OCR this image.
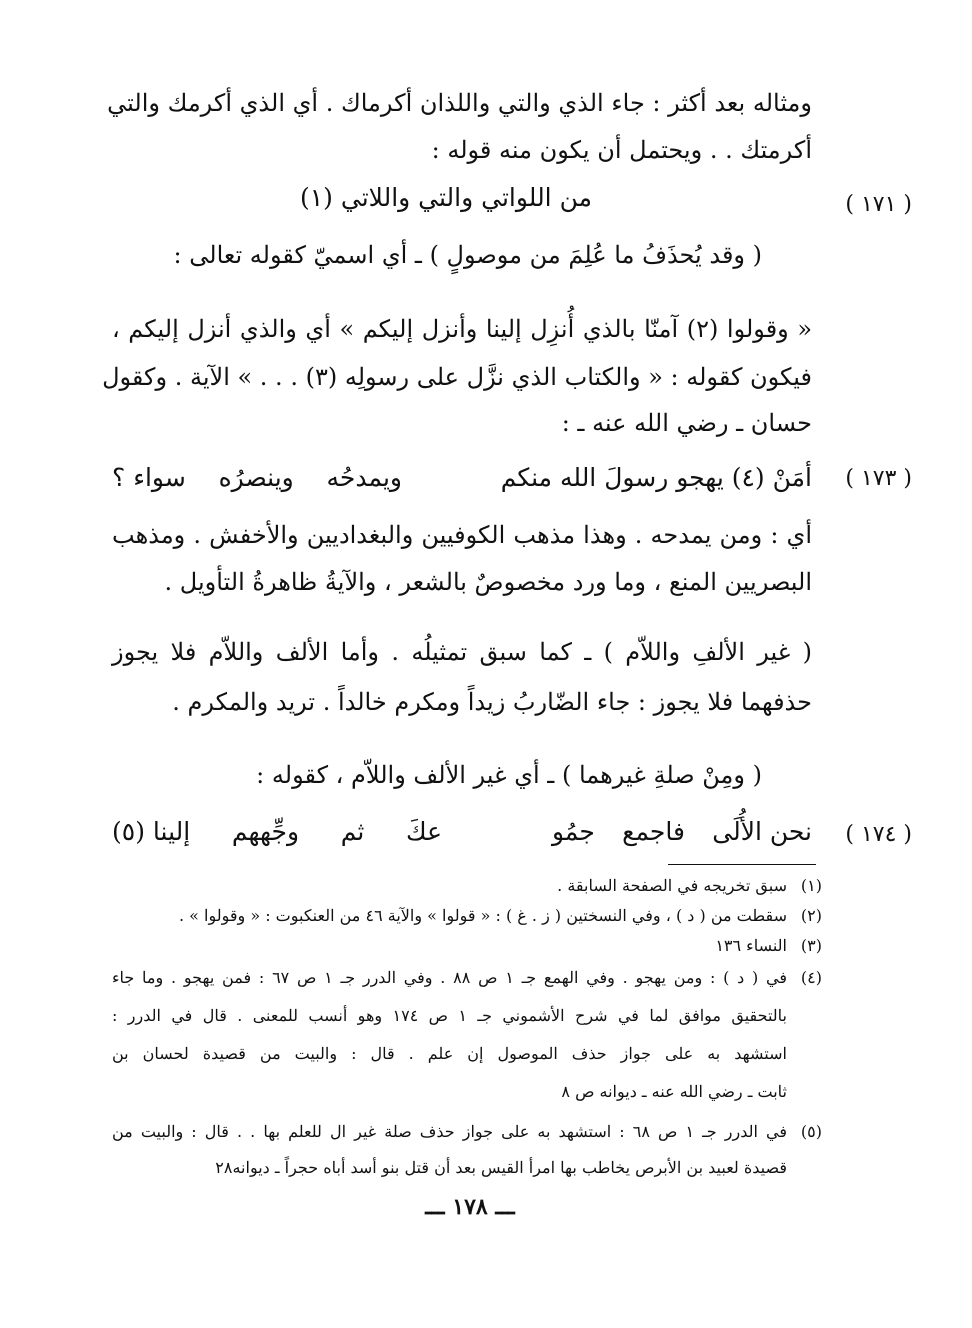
ومثاله بعد أكثر : جاء الذي والتي واللذان أكرماك . أي الذي أكرمك والتي
أكرمتك . . ويحتمل أن يكون منه قوله :
( ١٧١ )
من اللواتي والتي واللاتي (١)
( وقد يُحذَفُ ما عُلِمَ من موصولٍ ) ـ أي اسميّ كقوله تعالى :
« وقولوا (٢) آمنّا بالذي أُنزِل إلينا وأنزل إليكم » أي والذي أنزل إليكم ،
فيكون كقوله : « والكتاب الذي نزَّل على رسولِه (٣) . . . » الآية . وكقول
حسان ـ رضي الله عنه ـ :
( ١٧٣ )
أمَنْ (٤) يهجو رسولَ الله منكم
ويمدحُه
وينصرُه
سواء ؟
أي : ومن يمدحه . وهذا مذهب الكوفيين والبغداديين والأخفش . ومذهب
البصريين المنع ، وما ورد مخصوصٌ بالشعر ، والآيةُ ظاهرةُ التأويل .
( غير الألفِ واللاّم ) ـ كما سبق تمثيلُه . وأما الألف واللاّم فلا يجوز
حذفهما فلا يجوز : جاء الضّاربُ زيداً ومكرم خالداً . تريد والمكرم .
( ومِنْ صلةِ غيرهما ) ـ أي غير الألف واللاّم ، كقوله :
( ١٧٤ )
نحن الأُلَى
فاجمع
جمُو
عكَ
ثم
وجِّههم
إلينا (٥)
(١)
سبق تخريجه في الصفحة السابقة .
(٢)
سقطت من ( د ) ، وفي النسختين ( ز . غ ) : « قولوا » والآية ٤٦ من العنكبوت : « وقولوا » .
(٣)
النساء ١٣٦
(٤)
في ( د ) : ومن يهجو . وفي الهمع جـ ١ ص ٨٨ . وفي الدرر جـ ١ ص ٦٧ : فمن يهجو . وما جاء
بالتحقيق موافق لما في شرح الأشموني جـ ١ ص ١٧٤ وهو أنسب للمعنى . قال في الدرر :
استشهد به على جواز حذف الموصول إن علم . قال : والبيت من قصيدة لحسان بن
ثابت ـ رضي الله عنه ـ ديوانه ص ٨
(٥)
في الدرر جـ ١ ص ٦٨ : استشهد به على جواز حذف صلة غير ال للعلم بها . . قال : والبيت من
قصيدة لعبيد بن الأبرص يخاطب بها امرأ القيس بعد أن قتل بنو أسد أباه حجراً ـ ديوانه٢٨
ـــ ١٧٨ ـــ
